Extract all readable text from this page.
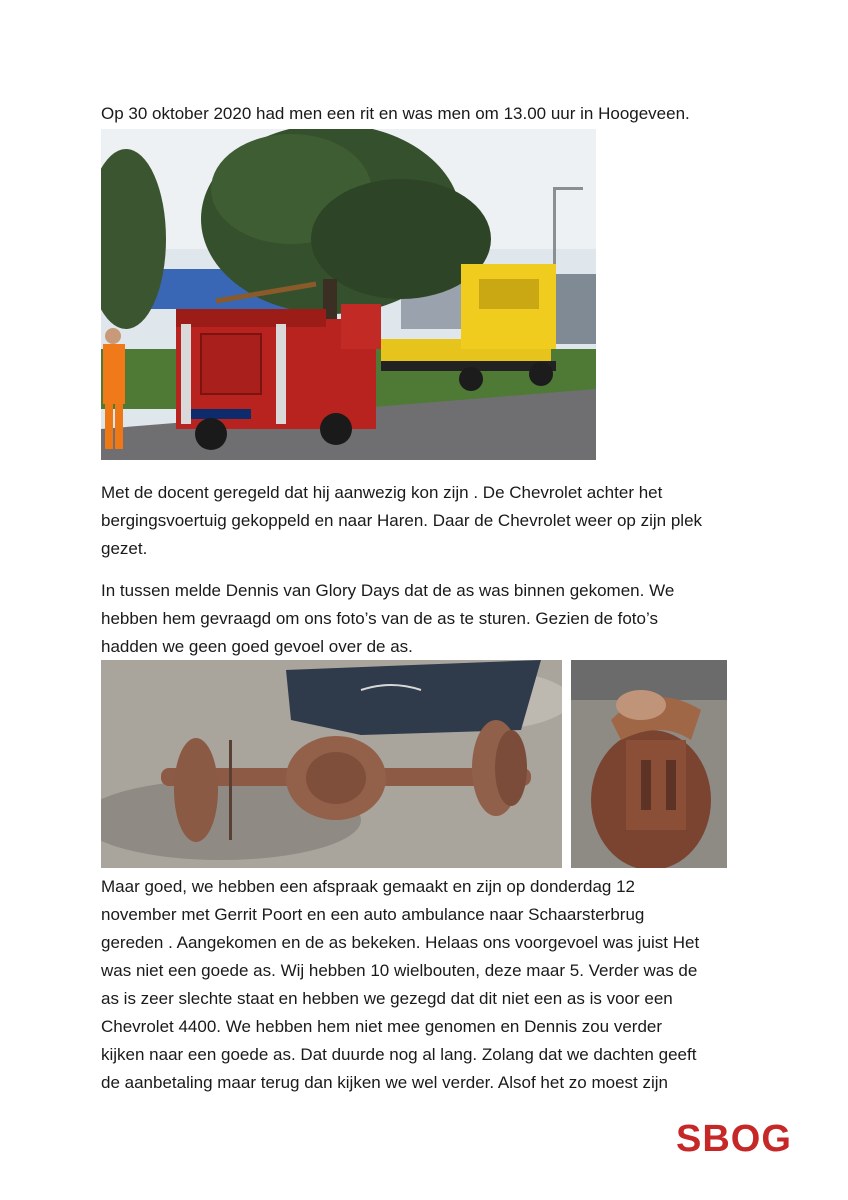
Op 30 oktober 2020 had men een rit en was men om 13.00 uur in Hoogeveen.
Met de docent geregeld dat hij aanwezig kon zijn . De Chevrolet achter het
bergingsvoertuig gekoppeld en naar Haren. Daar de Chevrolet weer op zijn plek
gezet.
In tussen melde Dennis van Glory Days dat de as was binnen gekomen. We
hebben hem gevraagd om ons foto’s van de as te sturen. Gezien de foto’s
hadden we geen goed gevoel over de as.
Maar goed, we hebben een afspraak gemaakt en zijn op donderdag 12
november met Gerrit Poort en een auto ambulance naar Schaarsterbrug
gereden . Aangekomen en de as bekeken. Helaas ons voorgevoel was juist Het
was niet een goede as. Wij hebben 10 wielbouten, deze maar 5. Verder was de
as is zeer slechte staat en hebben we gezegd dat dit niet een as is voor een
Chevrolet 4400. We hebben hem niet mee genomen en Dennis zou verder
kijken naar een goede as. Dat duurde nog al lang. Zolang dat we dachten geeft
de aanbetaling maar terug dan kijken we wel verder. Alsof het zo moest zijn
SBOG
